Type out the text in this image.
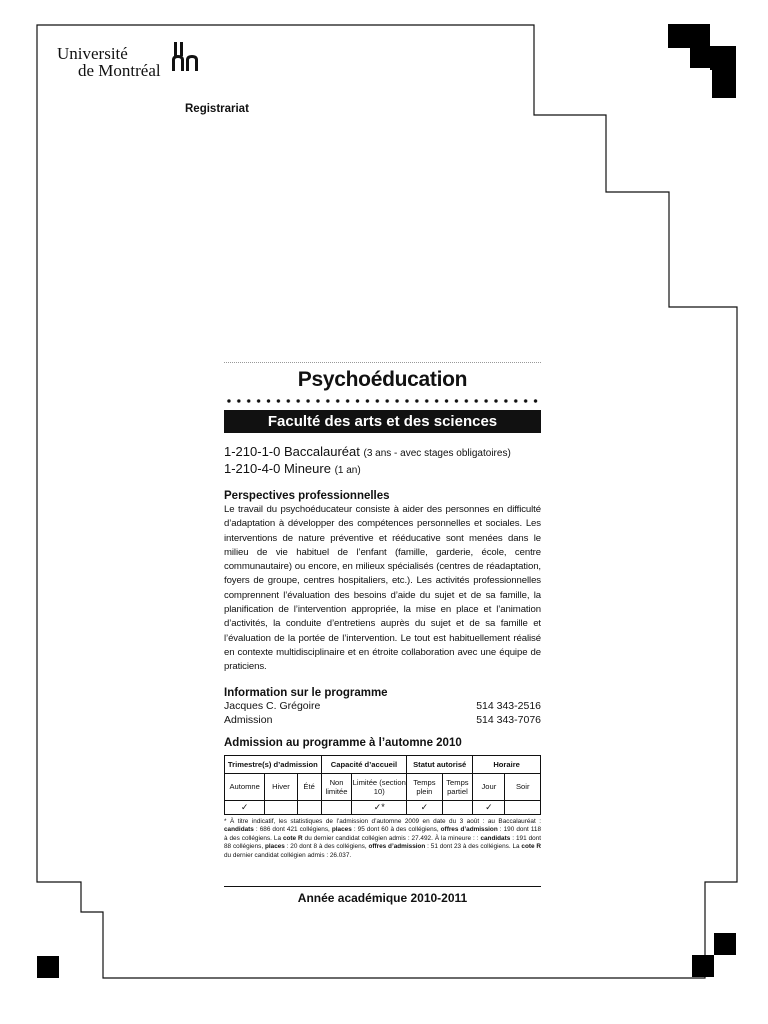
Université
de Montréal
Registrariat
Psychoéducation
Faculté des arts et des sciences
1-210-1-0 Baccalauréat (3 ans - avec stages obligatoires)
1-210-4-0 Mineure (1 an)
Perspectives professionnelles
Le travail du psychoéducateur consiste à aider des personnes en difficulté d’adaptation à développer des compétences personnelles et sociales. Les interventions de nature préventive et rééducative sont menées dans le milieu de vie habituel de l’enfant (famille, garderie, école, centre communautaire) ou encore, en milieux spécialisés (centres de réadaptation, foyers de groupe, centres hospitaliers, etc.). Les activités professionnelles comprennent l’évaluation des besoins d’aide du sujet et de sa famille, la planification de l’intervention appropriée, la mise en place et l’animation d’activités, la conduite d’entretiens auprès du sujet et de sa famille et l’évaluation de la portée de l’intervention. Le tout est habituellement réalisé en contexte multidisciplinaire et en étroite collaboration avec une équipe de praticiens.
Information sur le programme
Jacques C. Grégoire	514 343-2516
Admission	514 343-7076
Admission au programme à l’automne 2010
Trimestre(s) d’admission			Capacité d’accueil		Statut autorisé		Horaire	
Automne	Hiver	Été	Non limitée	Limitée (section 10)	Temps plein	Temps partiel	Jour	Soir
✓				✓*	✓		✓	
* À titre indicatif, les statistiques de l’admission d’automne 2009 en date du 3 août : au Baccalauréat : candidats : 686 dont 421 collégiens, places : 95 dont 60 à des collégiens, offres d’admission : 190 dont 118 à des collégiens. La cote R du dernier candidat collégien admis : 27.492. À la mineure : : candidats : 191 dont 88 collégiens, places : 20 dont 8 à des collégiens, offres d’admission : 51 dont 23 à des collégiens. La cote R du dernier candidat collégien admis : 26.037.
Année académique 2010-2011
